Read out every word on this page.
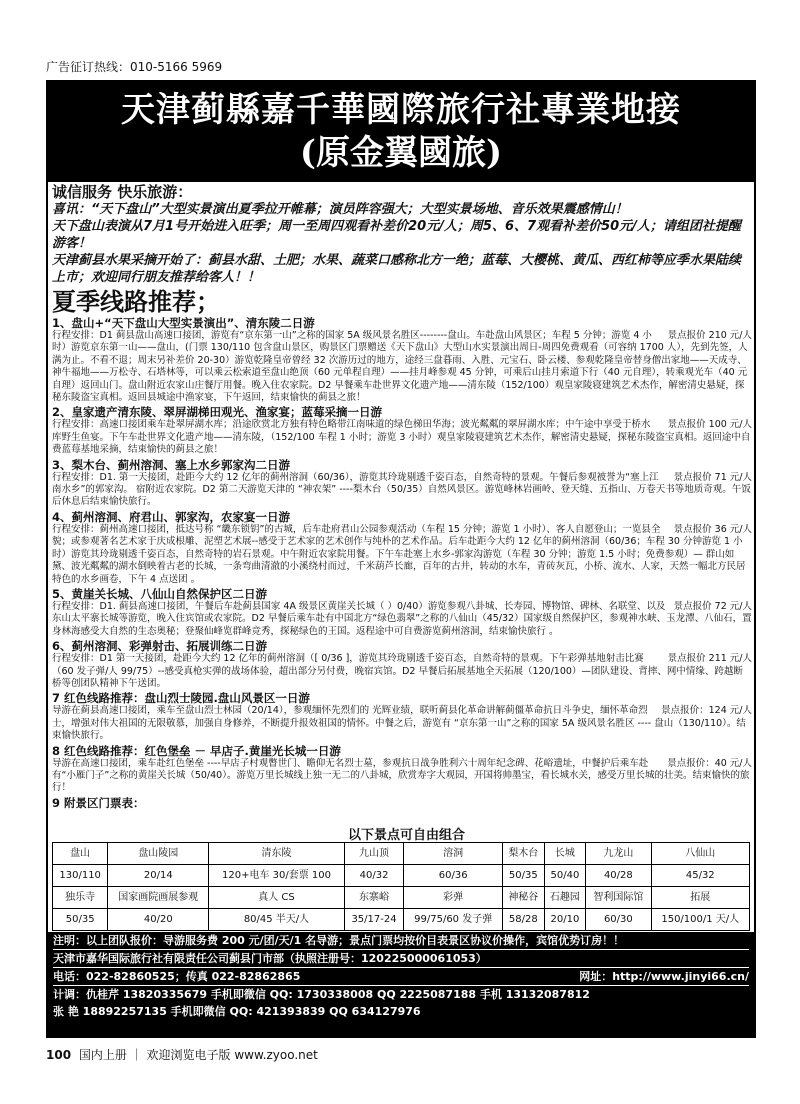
广告征订热线：010-5166 5969
天津蓟縣嘉千華國際旅行社專業地接
(原金翼國旅)

诚信服务 快乐旅游：

喜讯：“天下盘山”大型实景演出夏季拉开帷幕；演员阵容强大；大型实景场地、音乐效果震感情山！

天下盘山表演从7月1号开始进入旺季；周一至周四观看补差价20元/人；周5、6、7观看补差价50元/人；请组团社提醒游客！

天津蓟县水果采摘开始了：蓟县水甜、土肥；水果、蔬菜口感称北方一绝；蓝莓、大樱桃、黄瓜、西红柿等应季水果陆续上市；欢迎同行朋友推荐给客人！！

夏季线路推荐；
1、盘山+“天下盘山大型实景演出”、清东陵二日游

景点报价 210 元/人
行程安排：D1 蓟县盘山高速口接团，游览有“京东第一山”之称的国家 5A 级风景名胜区--------盘山。车赴盘山风景区；车程 5 分钟；游览 4 小时）游览京东第一山——盘山，(门票 130/110 包含盘山景区，购景区门票赠送《天下盘山》大型山水实景演出周日-周四免费观看（可容纳 1700 人），先到先签，人满为止。不看不退；周末另补差价 20-30）游览乾隆皇帝曾经 32 次游历过的地方，途经三盘暮雨、入胜、元宝石、卧云楼、参观乾隆皇帝替身僧出家地——天成寺、神牛福地——万松寺、石塔林等，可以乘云松索道至盘山绝顶（60 元单程自理）——挂月峰参观 45 分钟，可乘后山挂月索道下行（40 元自理），转乘观光车（40 元自理）返回山门。盘山附近农家山庄餐厅用餐。晚入住农家院。D2 早餐乘车赴世界文化遗产地——清东陵（152/100）观皇家陵寝建筑艺术杰作，解密清史悬疑，探秘东陵盗宝真相。返回县城途中渔家宴，下午返回，结束愉快的蓟县之旅！

2、皇家遗产清东陵、翠屏湖梯田观光、渔家宴；蓝莓采摘一日游

景点报价 100 元/人
行程安排：高速口接团乘车赴翠屏湖水库；沿途欣赏北方独有特色略带江南味道的绿色梯田华海；波光粼粼的翠屏湖水库；中午途中享受于桥水库野生鱼宴。下午车赴世界文化遗产地——清东陵，（152/100 车程 1 小时；游览 3 小时）观皇家陵寝建筑艺术杰作，解密清史悬疑，探秘东陵盗宝真相。返回途中自费蓝莓基地采摘，结束愉快的蓟县之旅！

3、梨木台、蓟州溶洞、塞上水乡郭家沟二日游

景点报价 71 元/人
行程安排：D1. 第一天接团，赴距今大约 12 亿年的蓟州溶洞（60/36），游览其玲珑剔透千姿百态，自然奇特的景观。午餐后参观被誉为“塞上江南水乡”的郭家沟。 宿附近农家院。D2 第二天游览天津的 “神农架” ----梨木台（50/35）自然风景区。游览峰林岩画岭、登天缝、五指山、万卷天书等地质奇观。午饭后休息后结束愉快旅行。

4、蓟州溶洞、府君山、郭家沟，农家宴一日游

景点报价 36 元/人
行程安排：蓟州高速口接团，抵达号称 “畿东锁钥”的古城，后车赴府君山公园参观活动（车程 15 分钟；游览 1 小时）、客人自愿登山；一览县全貌；或参观著名艺术家于庆成根雕、泥塑艺术展--感受于艺术家的艺术创作与纯朴的艺术作品。后车赴距今大约 12 亿年的蓟州溶洞（60/36；车程 30 分钟游览 1 小时）游览其玲珑剔透千姿百态，自然奇特的岩石景观。中午附近农家院用餐。下午车赴塞上水乡-郭家沟游览（车程 30 分钟；游览 1.5 小时；免费参观）— 群山如黛、波光粼粼的湖水倒映着古老的长城，一条弯曲清澈的小溪绕村而过，千米葫芦长廊，百年的古井，转动的水车，青砖灰瓦，小桥、流水、人家，天然一幅北方民居特色的水乡画卷，下午 4 点送团 。

5、黄崖关长城、八仙山自然保护区二日游

景点报价 72 元/人
行程安排：D1. 蓟县高速口接团，午餐后车赴蓟县国家 4A 级景区黄崖关长城（ ）0/40）游览参观八卦城、长寿园、博物馆、碑林、名联堂、以及东山太平寨长城等游览，晚入住宾馆或农家院。D2 早餐后乘车赴有中国北方“绿色翡翠”之称的八仙山（45/32）国家级自然保护区，参观神水峡、玉龙潭、八仙石，置身林海感受大自然的生态奥秘；登聚仙峰览群峰竞秀，探秘绿色的王国。返程途中可自费游览蓟州溶洞，结束愉快旅行 。

6、蓟州溶洞、彩弹射击、拓展训练二日游

景点报价 211 元/人
行程安排：D1 第一天接团，赴距今大约 12 亿年的蓟州溶洞（[ 0/36 ]，游览其玲珑剔透千姿百态，自然奇特的景观。下午彩弹基地射击比赛（60 发子弹/人 99/75）--感受真枪实弹的战场体验，超出部分另付费，晚宿宾馆。D2 早餐后拓展基地全天拓展（120/100）—团队建设、背摔、网中情缘、跨越断桥等创团队精神下午送团。

7 红色线路推荐：盘山烈士陵园.盘山风景区一日游

景点报价：124 元/人
导游在蓟县高速口接团，乘车至盘山烈士林园（20/14），参观缅怀先烈们的 光辉业绩，联听蓟县化革命讲解蓟僵革命抗日斗争史，缅怀革命烈士，增强对伟大祖国的无限敬慕，加强自身修养，不断提升报效祖国的情怀。中餐之后，游览有 “京东第一山”之称的国家 5A 级风景名胜区 ---- 盘山（130/110）。结束愉快旅行。

8 红色线路推荐：红色堡垒 － 早店子.黄崖光长城一日游

景点报价：40 元/人
导游在高速口接团，乘车赴红色堡垒 ----早店子村观瞥世门、瞻仰无名烈士墓，参观抗日战争胜利六十周年纪念碑、花峪遗址，中餐护后乘车赴有“小雁门子”之称的黄崖关长城（50/40）。游览万里长城线上独一无二的八卦城，欣赏寿字大观园，开国将帅墨宝，看长城水关，感受万里长城的壮美。结束愉快的旅行！

9 附景区门票表：
以下景点可自由组合
盘山	盘山陵园	清东陵	九山顶	溶洞	梨木台	长城	九龙山	八仙山
130/110	20/14	120+电车 30/套票 100	40/32	60/36	50/35	50/40	40/28	45/32
独乐寺	国家画院画展参观	真人 CS	东寨峪	彩弹	神秘谷	石趣园	智利国际馆	拓展
50/35	40/20	80/45 半天/人	35/17-24	99/75/60 发子弹	58/28	20/10	60/30	150/100/1 天/人
注明：以上团队报价：导游服务费 200 元/团/天/1 名导游；景点门票均按价目表景区协议价操作，宾馆优势订房！！
天津市嘉华国际旅行社有限责任公司蓟县门市部（执照注册号：120225000061053）
网址：http://www.jinyi66.cn/
电话：022-82860525；传真 022-82862865
计调：仇桂芹 13820335679 手机即微信 QQ: 1730338008 QQ 2225087188 手机 13132087812
张 艳 18892257135 手机即微信 QQ: 421393839 QQ 634127976
100 国内上册 ｜ 欢迎浏览电子版 www.zyoo.net
